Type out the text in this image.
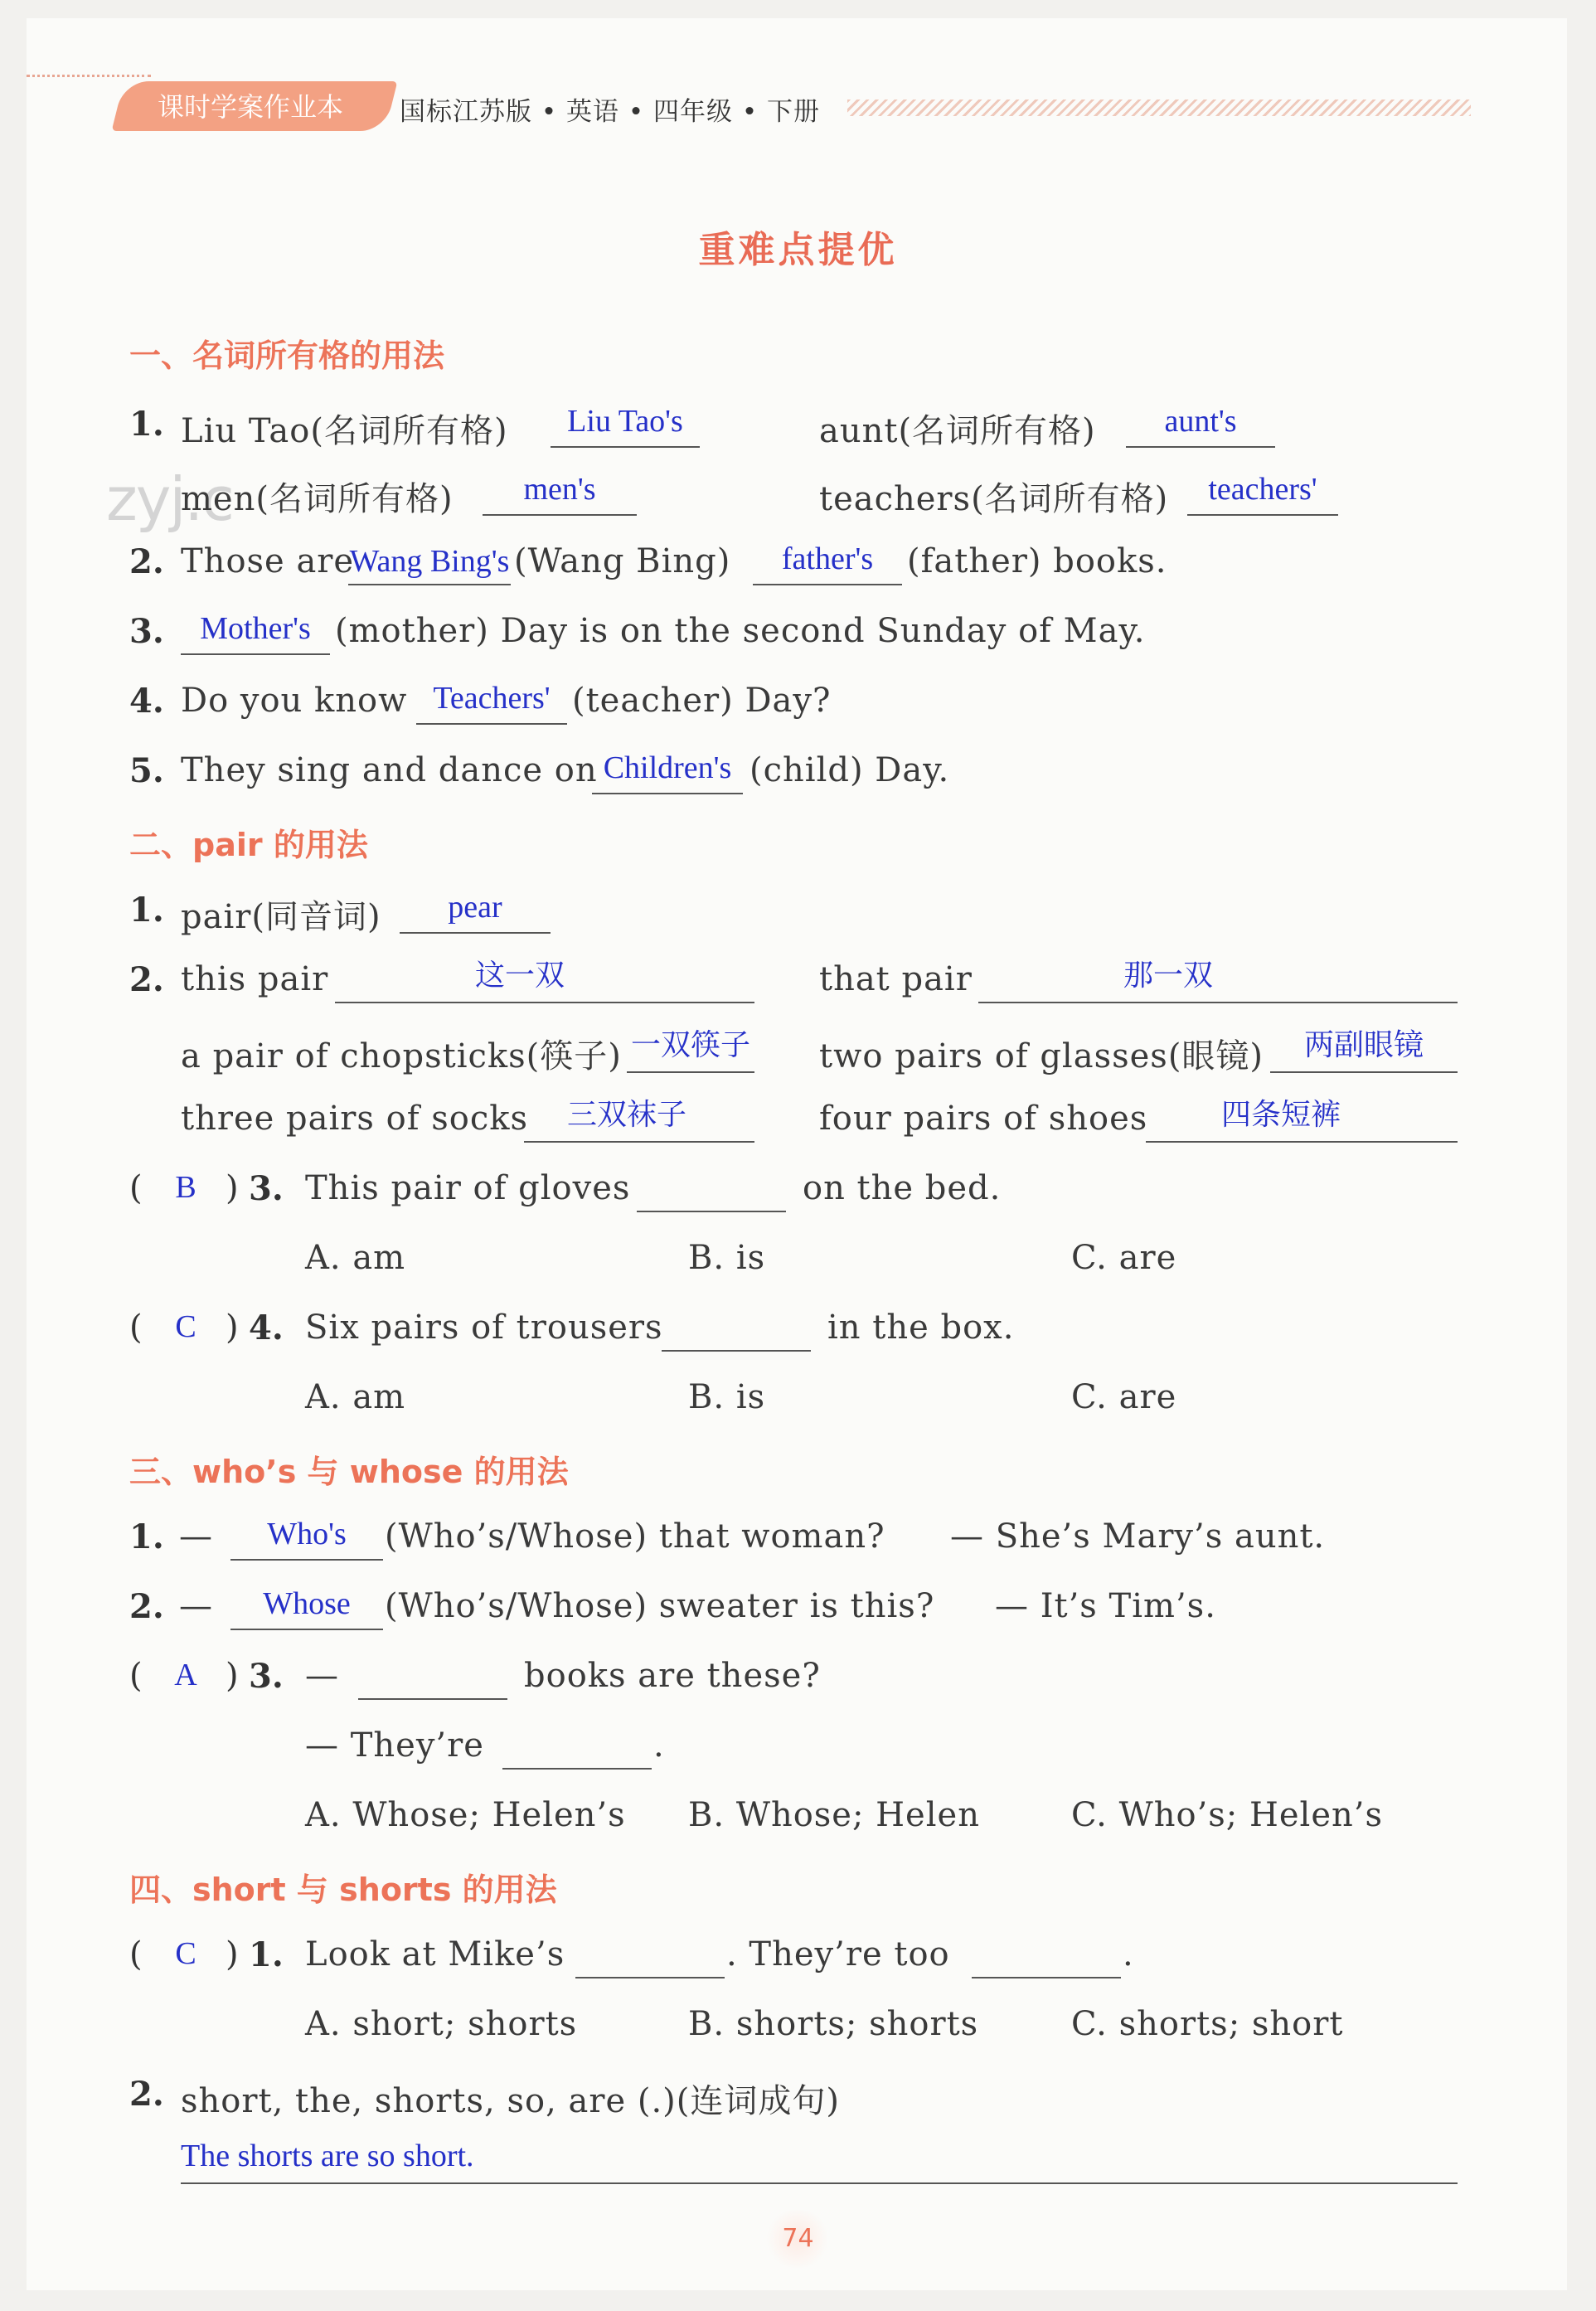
课时学案作业本	国标江苏版 • 英语 • 四年级 • 下册
zyj.c
重难点提优
一、名词所有格的用法
1. Liu Tao(名词所有格)	Liu Tao's	aunt(名词所有格)	aunt's
men(名词所有格)	men's	teachers(名词所有格)	teachers'
2. Those are
Wang Bing's (Wang Bing)	father's	(father) books.
3.	Mother's (mother) Day is on the second Sunday of May.
4. Do you know Teachers' (teacher) Day?
5. They sing and dance on Children's (child) Day.
二、pair 的用法
1. pair(同音词)	pear
2. this pair	这一双	that pair	那一双
a pair of chopsticks(筷子) 一双筷子 two pairs of glasses(眼镜)	两副眼镜
three pairs of socks	三双袜子	four pairs of shoes	四条短裤
( B ) 3. This pair of gloves	on the bed.
A. am	B. is	C. are
( C ) 4. Six pairs of trousers	in the box.
A. am	B. is	C. are
三、who’s 与 whose 的用法
1. —	Who's	(Who’s/Whose) that woman? — She’s Mary’s aunt.
2. —	Whose	(Who’s/Whose) sweater is this? — It’s Tim’s.
( A ) 3. —	books are these?
— They’re	.
A. Whose; Helen’s B. Whose; Helen	C. Who’s; Helen’s
四、short 与 shorts 的用法
( C ) 1. Look at Mike’s	. They’re too	.
A. short; shorts	B. shorts; shorts	C. shorts; short
2. short, the, shorts, so, are (.)(连词成句)
The shorts are so short.
74
